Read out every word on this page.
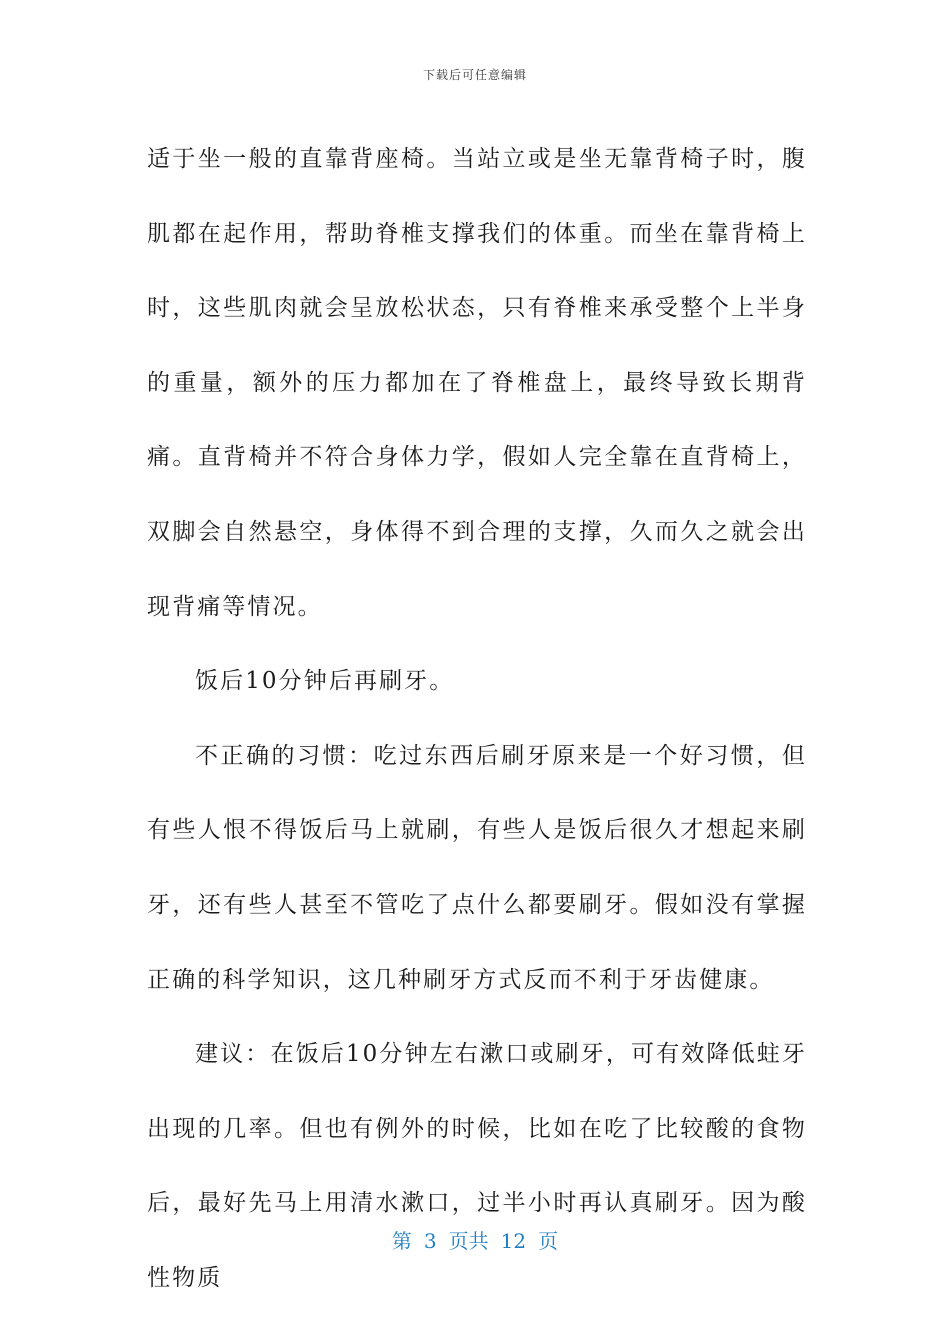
下载后可任意编辑

适于坐一般的直靠背座椅。当站立或是坐无靠背椅子时，腹肌都在起作用，帮助脊椎支撑我们的体重。而坐在靠背椅上时，这些肌肉就会呈放松状态，只有脊椎来承受整个上半身的重量，额外的压力都加在了脊椎盘上，最终导致长期背痛。直背椅并不符合身体力学，假如人完全靠在直背椅上，双脚会自然悬空，身体得不到合理的支撑，久而久之就会出现背痛等情况。

饭后10分钟后再刷牙。

不正确的习惯：吃过东西后刷牙原来是一个好习惯，但有些人恨不得饭后马上就刷，有些人是饭后很久才想起来刷牙，还有些人甚至不管吃了点什么都要刷牙。假如没有掌握正确的科学知识，这几种刷牙方式反而不利于牙齿健康。

建议：在饭后10分钟左右漱口或刷牙，可有效降低蛀牙出现的几率。但也有例外的时候，比如在吃了比较酸的食物后，最好先马上用清水漱口，过半小时再认真刷牙。因为酸性物质

第 3 页共 12 页
